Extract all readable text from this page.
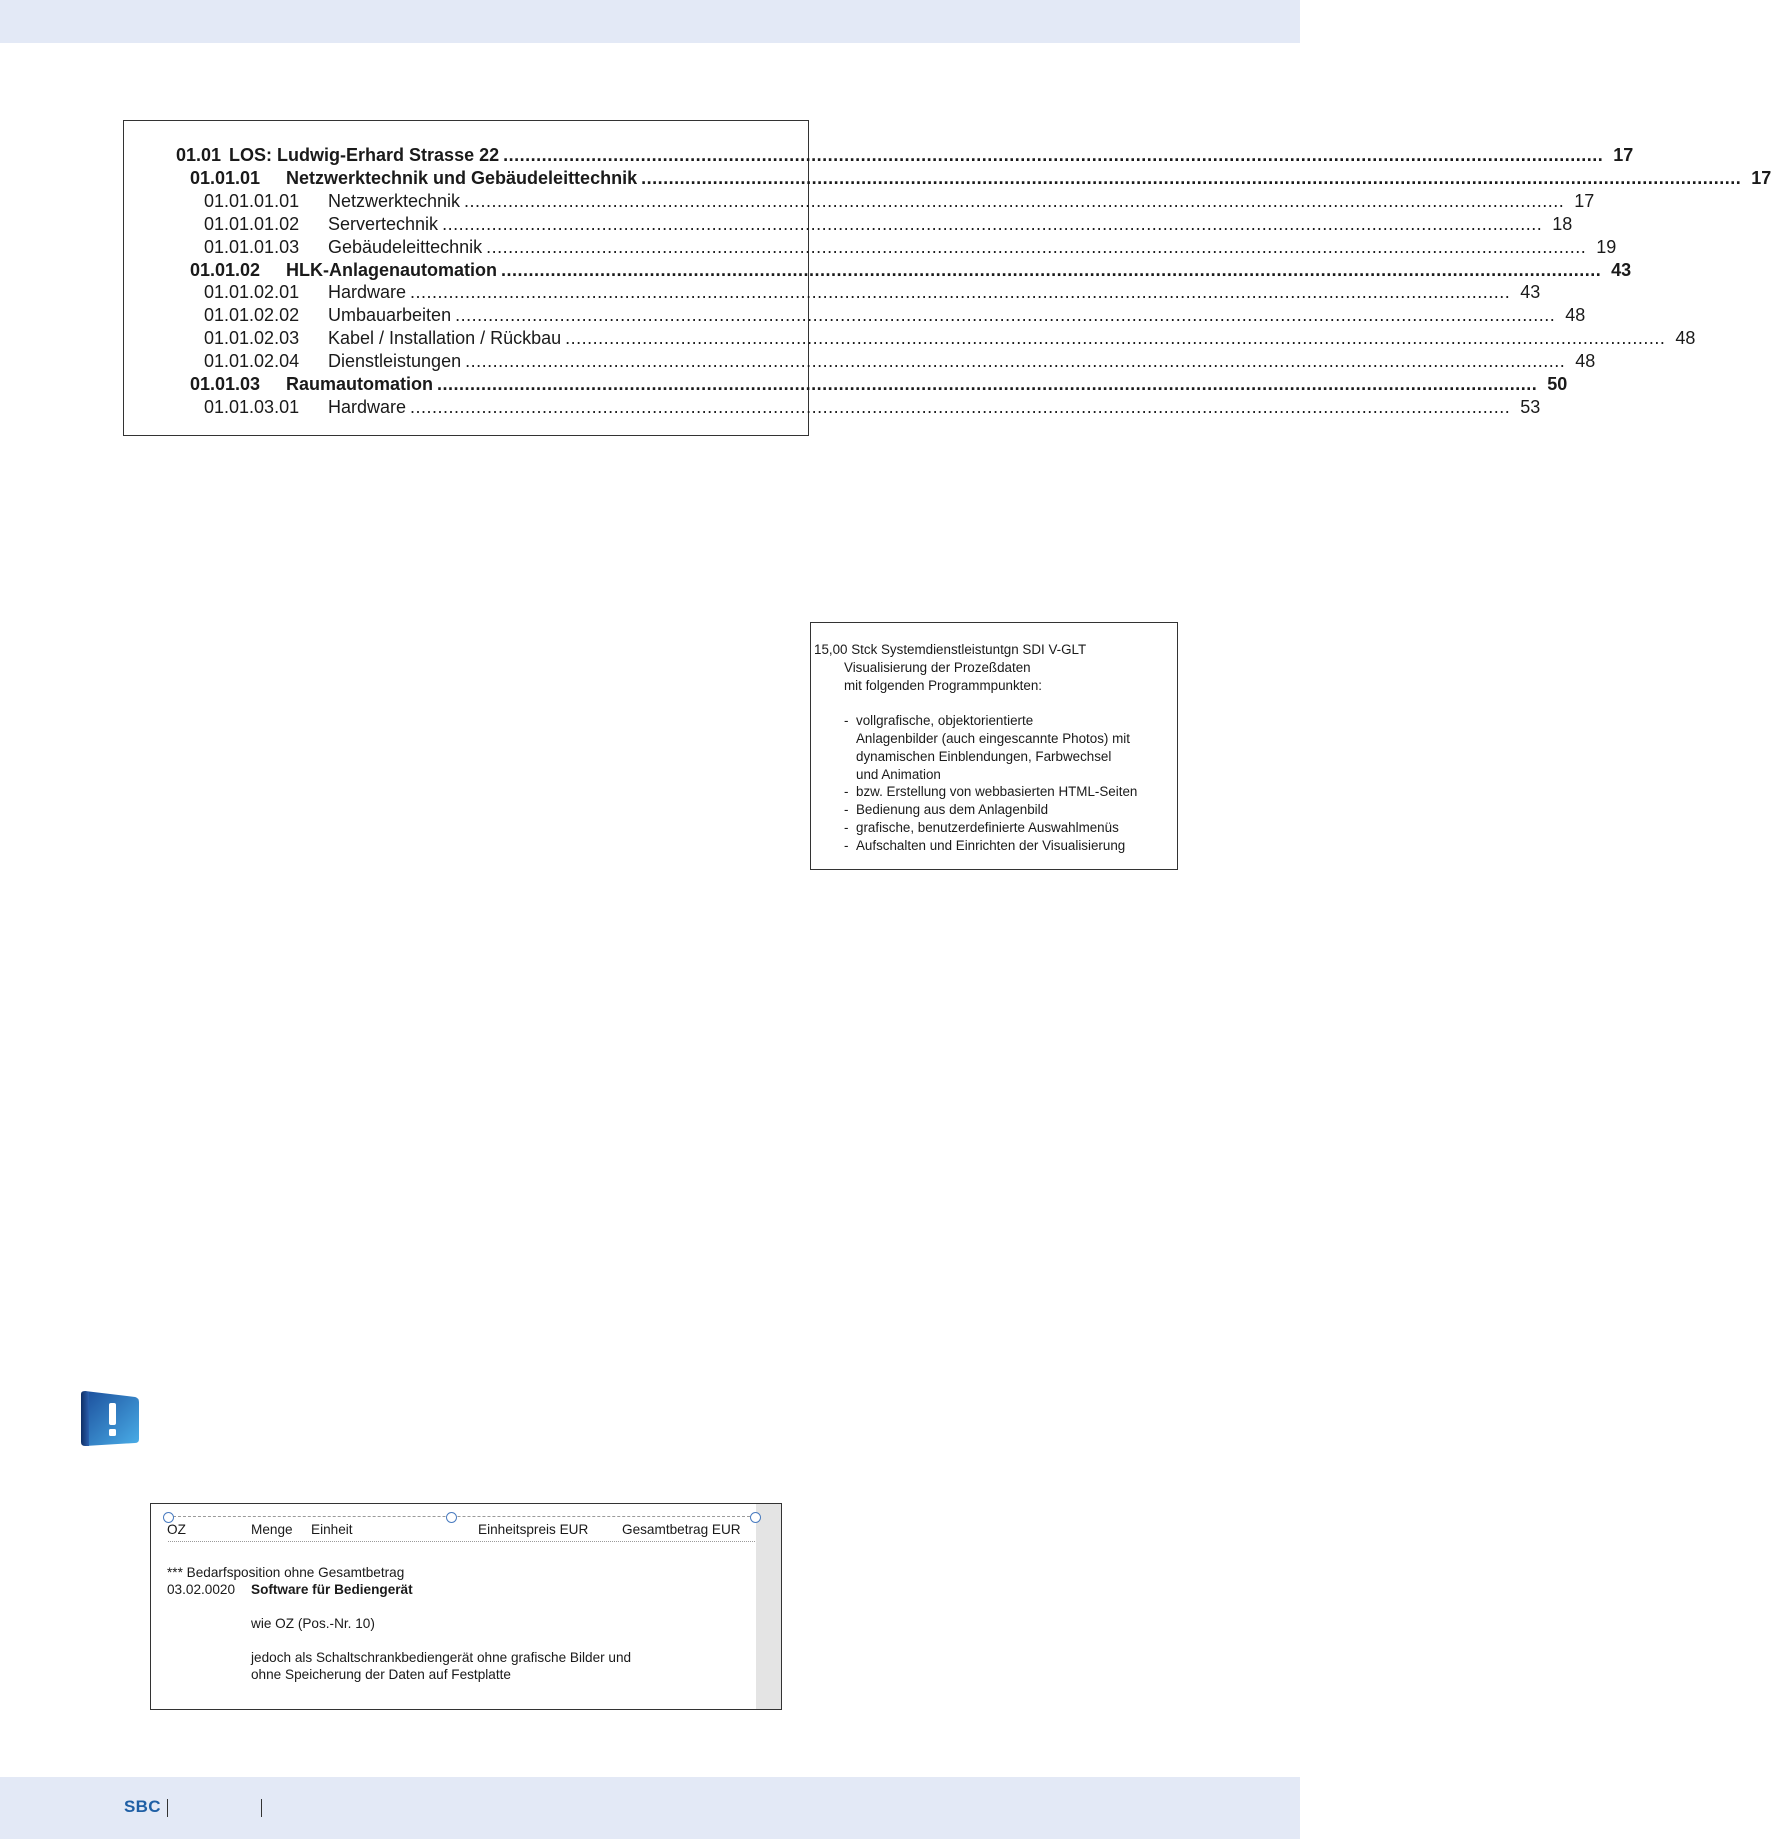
01.01 LOS: Ludwig-Erhard Strasse 22 ........................................................................................................................................................................................................ 17
01.01.01	Netzwerktechnik und Gebäudeleittechnik ........................................................................................................................................................................................................ 17
01.01.01.01	Netzwerktechnik ........................................................................................................................................................................................................ 17
01.01.01.02	Servertechnik ........................................................................................................................................................................................................ 18
01.01.01.03	Gebäudeleittechnik ........................................................................................................................................................................................................ 19
01.01.02	HLK-Anlagenautomation ........................................................................................................................................................................................................ 43
01.01.02.01	Hardware ........................................................................................................................................................................................................ 43
01.01.02.02	Umbauarbeiten ........................................................................................................................................................................................................ 48
01.01.02.03	Kabel / Installation / Rückbau ........................................................................................................................................................................................................ 48
01.01.02.04	Dienstleistungen ........................................................................................................................................................................................................ 48
01.01.03	Raumautomation ........................................................................................................................................................................................................ 50
01.01.03.01	Hardware ........................................................................................................................................................................................................ 53
15,00 Stck Systemdienstleistuntgn SDI V-GLT
Visualisierung der Prozeßdaten
mit folgenden Programmpunkten:
- vollgrafische, objektorientierte
Anlagenbilder (auch eingescannte Photos) mit
dynamischen Einblendungen, Farbwechsel
und Animation
- bzw. Erstellung von webbasierten HTML-Seiten
- Bedienung aus dem Anlagenbild
- grafische, benutzerdefinierte Auswahlmenüs
- Aufschalten und Einrichten der Visualisierung
OZ	Menge Einheit	Einheitspreis EUR Gesamtbetrag EUR
*** Bedarfsposition ohne Gesamtbetrag
03.02.0020 Software für Bediengerät
wie OZ (Pos.-Nr. 10)
jedoch als Schaltschrankbediengerät ohne grafische Bilder und
ohne Speicherung der Daten auf Festplatte
SBC
